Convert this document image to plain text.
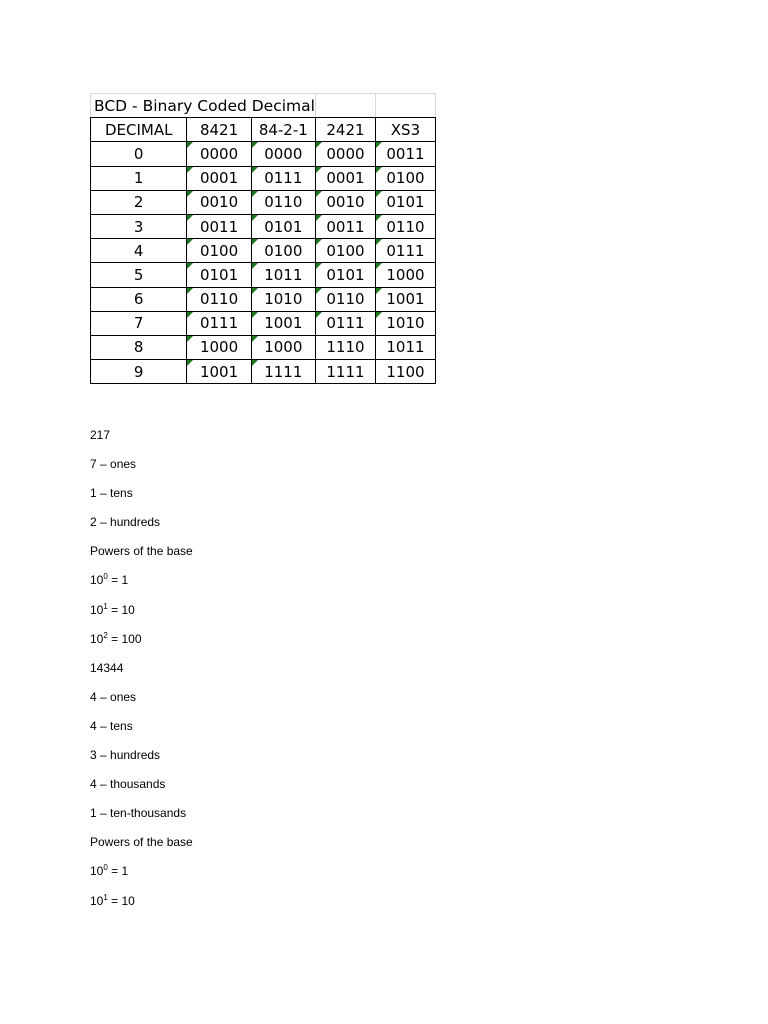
BCD - Binary Coded Decimal				
DECIMAL	8421	84-2-1	2421	XS3
0	0000	0000	0000	0011
1	0001	0111	0001	0100
2	0010	0110	0010	0101
3	0011	0101	0011	0110
4	0100	0100	0100	0111
5	0101	1011	0101	1000
6	0110	1010	0110	1001
7	0111	1001	0111	1010
8	1000	1000	1110	1011
9	1001	1111	1111	1100
217
7 – ones
1 – tens
2 – hundreds
Powers of the base
$10^0 = 1$
$10^1 = 10$
$10^2 = 100$
14344
4 – ones
4 – tens
3 – hundreds
4 – thousands
1 – ten-thousands
Powers of the base
$10^0 = 1$
$10^1 = 10$
